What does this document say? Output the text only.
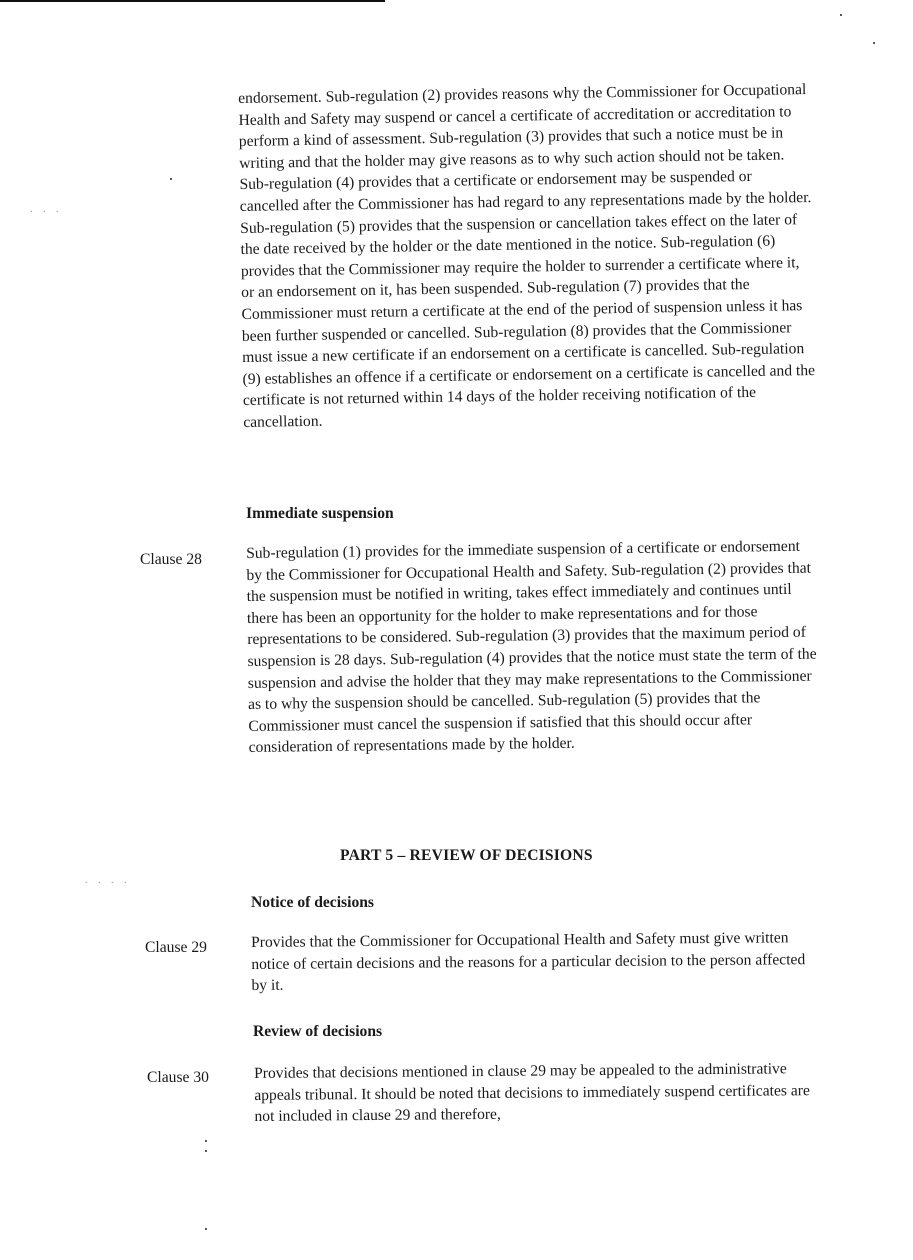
. . .
. . . .

endorsement. Sub-regulation (2) provides reasons why the Commissioner for Occupational Health and Safety may suspend or cancel a certificate of accreditation or accreditation to perform a kind of assessment. Sub-regulation (3) provides that such a notice must be in writing and that the holder may give reasons as to why such action should not be taken. Sub-regulation (4) provides that a certificate or endorsement may be suspended or cancelled after the Commissioner has had regard to any representations made by the holder. Sub-regulation (5) provides that the suspension or cancellation takes effect on the later of the date received by the holder or the date mentioned in the notice. Sub-regulation (6) provides that the Commissioner may require the holder to surrender a certificate where it, or an endorsement on it, has been suspended. Sub-regulation (7) provides that the Commissioner must return a certificate at the end of the period of suspension unless it has been further suspended or cancelled. Sub-regulation (8) provides that the Commissioner must issue a new certificate if an endorsement on a certificate is cancelled. Sub-regulation (9) establishes an offence if a certificate or endorsement on a certificate is cancelled and the certificate is not returned within 14 days of the holder receiving notification of the cancellation.

Immediate suspension
Clause 28	Sub-regulation (1) provides for the immediate suspension of a certificate or endorsement by the Commissioner for Occupational Health and Safety. Sub-regulation (2) provides that the suspension must be notified in writing, takes effect immediately and continues until there has been an opportunity for the holder to make representations and for those representations to be considered. Sub-regulation (3) provides that the maximum period of suspension is 28 days. Sub-regulation (4) provides that the notice must state the term of the suspension and advise the holder that they may make representations to the Commissioner as to why the suspension should be cancelled. Sub-regulation (5) provides that the Commissioner must cancel the suspension if satisfied that this should occur after consideration of representations made by the holder.

PART 5 – REVIEW OF DECISIONS
Notice of decisions
Clause 29	Provides that the Commissioner for Occupational Health and Safety must give written notice of certain decisions and the reasons for a particular decision to the person affected by it.

Review of decisions
Clause 30	Provides that decisions mentioned in clause 29 may be appealed to the administrative appeals tribunal. It should be noted that decisions to immediately suspend certificates are not included in clause 29 and therefore,
